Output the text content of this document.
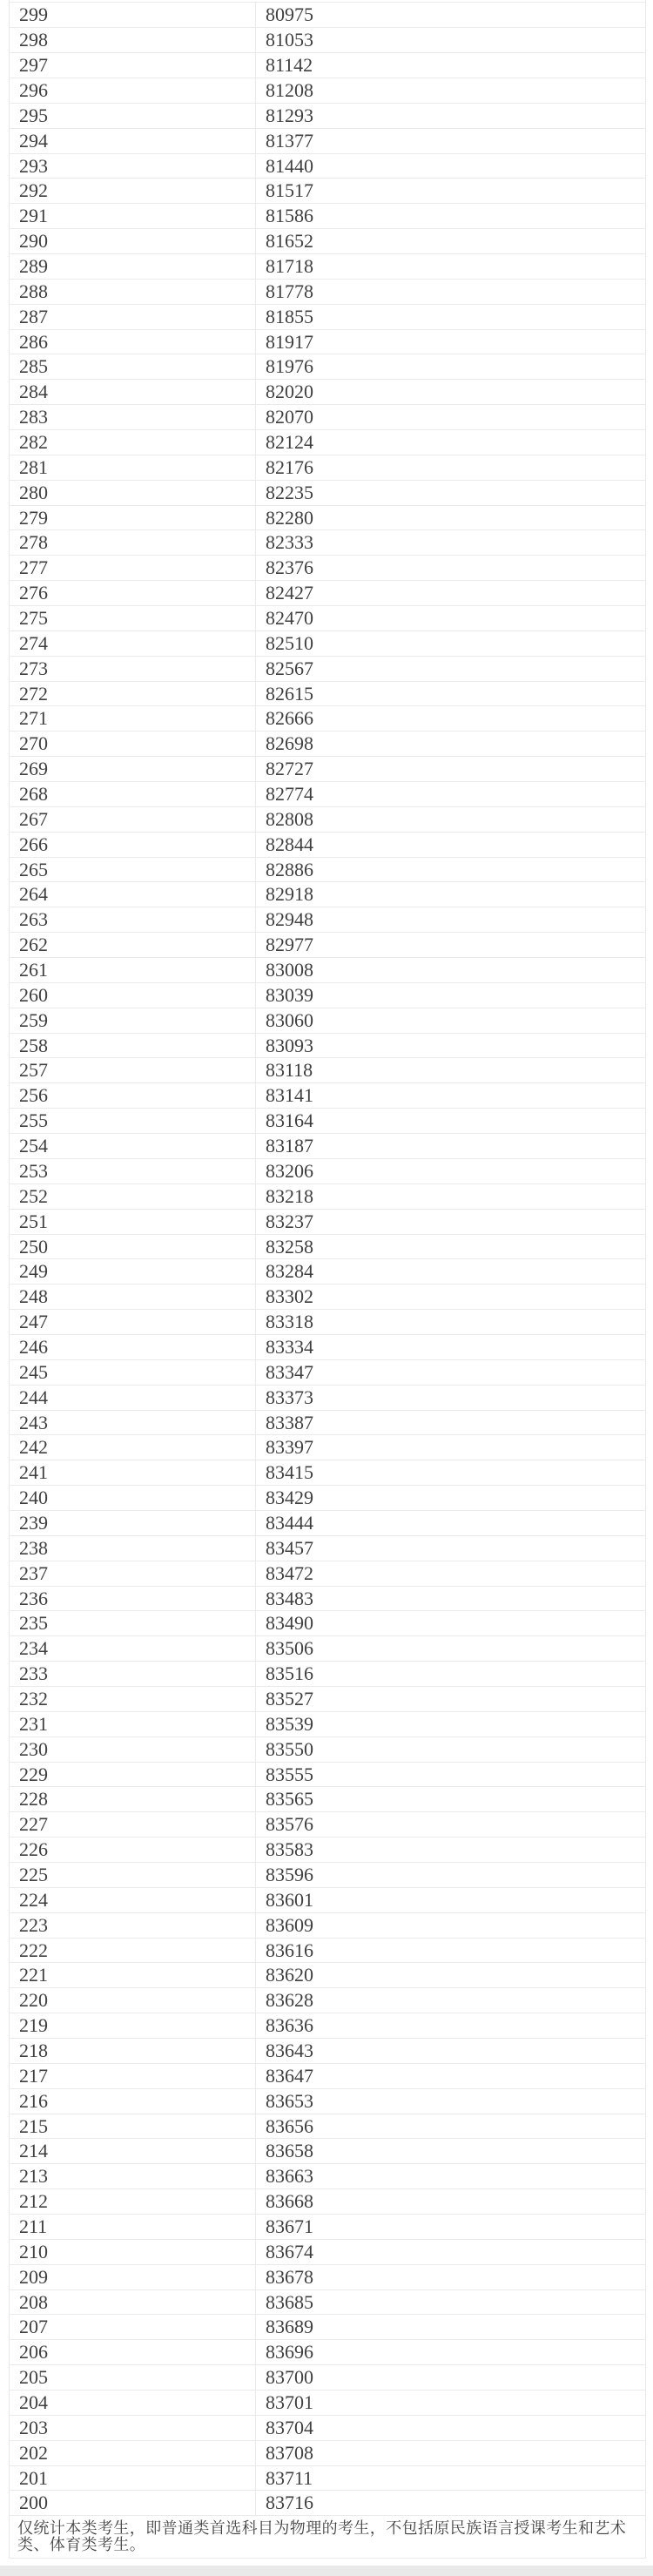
299	80975
298	81053
297	81142
296	81208
295	81293
294	81377
293	81440
292	81517
291	81586
290	81652
289	81718
288	81778
287	81855
286	81917
285	81976
284	82020
283	82070
282	82124
281	82176
280	82235
279	82280
278	82333
277	82376
276	82427
275	82470
274	82510
273	82567
272	82615
271	82666
270	82698
269	82727
268	82774
267	82808
266	82844
265	82886
264	82918
263	82948
262	82977
261	83008
260	83039
259	83060
258	83093
257	83118
256	83141
255	83164
254	83187
253	83206
252	83218
251	83237
250	83258
249	83284
248	83302
247	83318
246	83334
245	83347
244	83373
243	83387
242	83397
241	83415
240	83429
239	83444
238	83457
237	83472
236	83483
235	83490
234	83506
233	83516
232	83527
231	83539
230	83550
229	83555
228	83565
227	83576
226	83583
225	83596
224	83601
223	83609
222	83616
221	83620
220	83628
219	83636
218	83643
217	83647
216	83653
215	83656
214	83658
213	83663
212	83668
211	83671
210	83674
209	83678
208	83685
207	83689
206	83696
205	83700
204	83701
203	83704
202	83708
201	83711
200	83716
仅统计本类考生，即普通类首选科目为物理的考生，不包括原民族语言授课考生和艺术类、体育类考生。
